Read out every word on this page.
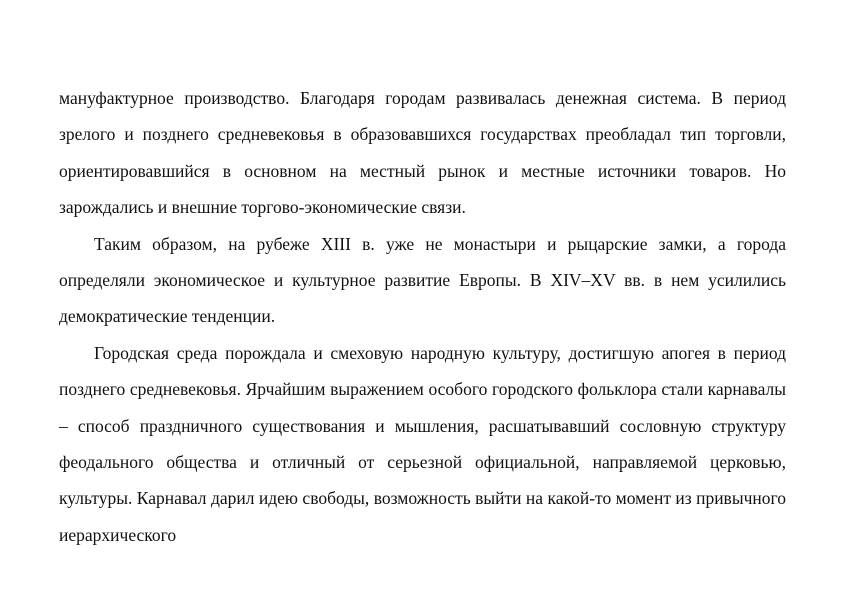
мануфактурное производство. Благодаря городам развивалась денежная система. В период зрелого и позднего средневековья в образовавшихся государствах преобладал тип торговли, ориентировавшийся в основном на местный рынок и местные источники товаров. Но зарождались и внешние торгово-экономические связи.

Таким образом, на рубеже XIII в. уже не монастыри и рыцарские замки, а города определяли экономическое и культурное развитие Европы. В XIV–XV вв. в нем усилились демократические тенденции.

Городская среда порождала и смеховую народную культуру, достигшую апогея в период позднего средневековья. Ярчайшим выражением особого городского фольклора стали карнавалы – способ праздничного существования и мышления, расшатывавший сословную структуру феодального общества и отличный от серьезной официальной, направляемой церковью, культуры. Карнавал дарил идею свободы, возможность выйти на какой-то момент из привычного иерархического
